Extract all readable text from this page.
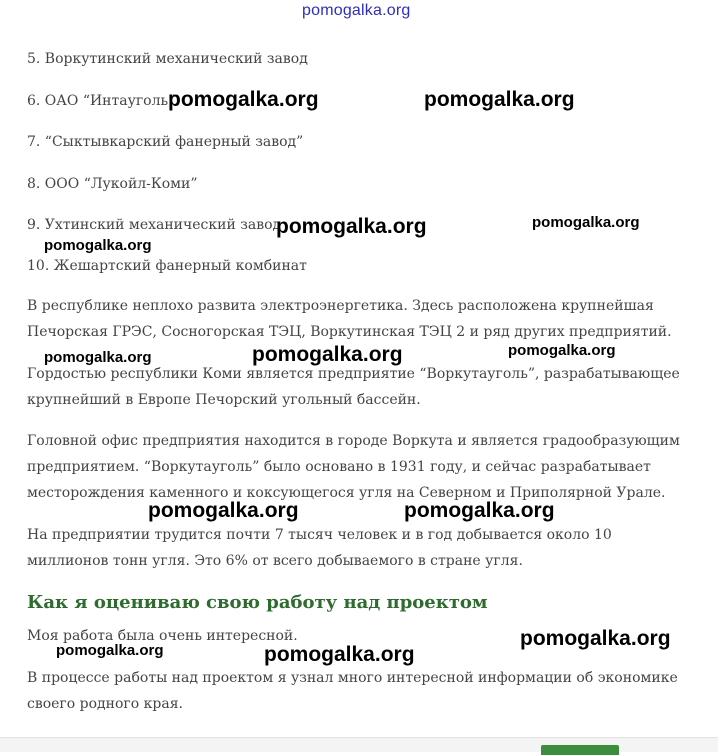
pomogalka.org
5. Воркутинский механический завод
6. ОАО “Интауголь”
7. “Сыктывкарский фанерный завод”
8. ООО “Лукойл-Коми”
9. Ухтинский механический завод
10. Жешартский фанерный комбинат
В республике неплохо развита электроэнергетика. Здесь расположена крупнейшая Печорская ГРЭС, Сосногорская ТЭЦ, Воркутинская ТЭЦ 2 и ряд других предприятий.
Гордостью республики Коми является предприятие “Воркутауголь”, разрабатывающее крупнейший в Европе Печорский угольный бассейн.
Головной офис предприятия находится в городе Воркута и является градообразующим предприятием. “Воркутауголь” было основано в 1931 году, и сейчас разрабатывает месторождения каменного и коксующегося угля на Северном и Приполярной Урале.
На предприятии трудится почти 7 тысяч человек и в год добывается около 10 миллионов тонн угля. Это 6% от всего добываемого в стране угля.
Как я оцениваю свою работу над проектом
Моя работа была очень интересной.
В процессе работы над проектом я узнал много интересной информации об экономике своего родного края.
pomogalka.org	pomogalka.org
pomogalka.org	pomogalka.org
pomogalka.org
pomogalka.org	pomogalka.org	pomogalka.org
pomogalka.org	pomogalka.org
pomogalka.org
pomogalka.org	pomogalka.org
